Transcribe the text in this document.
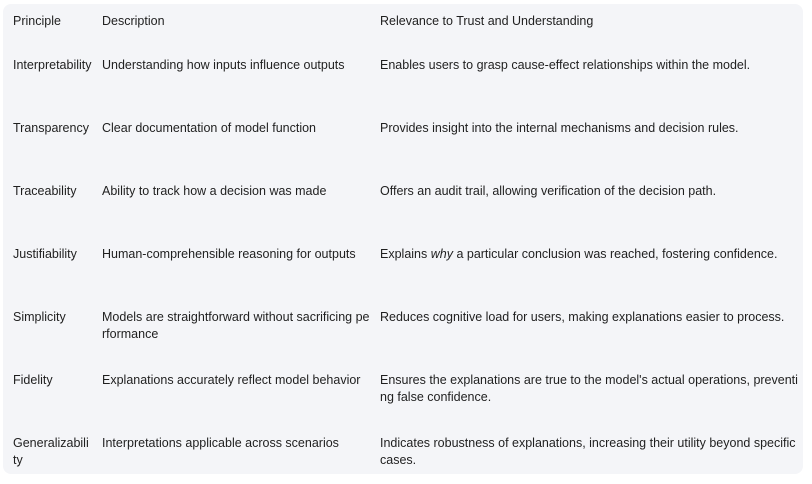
Principle	Description	Relevance to Trust and Understanding
Interpretability	Understanding how inputs influence outputs	Enables users to grasp cause-effect relationships within the model.
Transparency	Clear documentation of model function	Provides insight into the internal mechanisms and decision rules.
Traceability	Ability to track how a decision was made	Offers an audit trail, allowing verification of the decision path.
Justifiability	Human-comprehensible reasoning for outputs	Explains why a particular conclusion was reached, fostering confidence.
Simplicity	Models are straightforward without sacrificing performance	Reduces cognitive load for users, making explanations easier to process.
Fidelity	Explanations accurately reflect model behavior	Ensures the explanations are true to the model's actual operations, preventing false confidence.
Generalizability	Interpretations applicable across scenarios	Indicates robustness of explanations, increasing their utility beyond specific cases.
